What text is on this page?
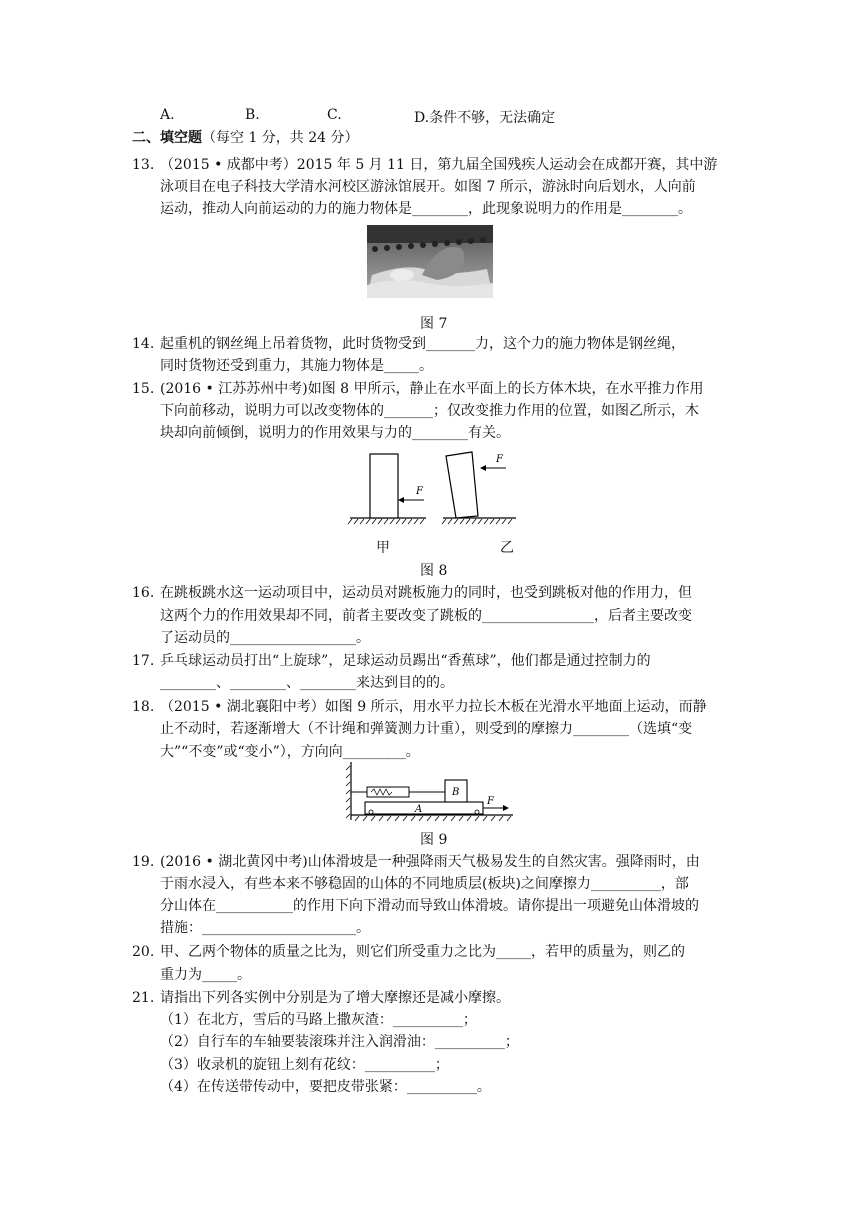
A.	B.	C.	D.条件不够，无法确定
二、填空题（每空 1 分，共 24 分）
13. （2015 • 成都中考）2015 年 5 月 11 日，第九届全国残疾人运动会在成都开赛，其中游
泳项目在电子科技大学清水河校区游泳馆展开。如图 7 所示，游泳时向后划水，人向前
运动，推动人向前运动的力的施力物体是________，此现象说明力的作用是________。
图 7
14. 起重机的钢丝绳上吊着货物，此时货物受到_______力，这个力的施力物体是钢丝绳，
同时货物还受到重力，其施力物体是_____。
15. (2016 • 江苏苏州中考)如图 8 甲所示，静止在水平面上的长方体木块，在水平推力作用
下向前移动，说明力可以改变物体的_______；仅改变推力作用的位置，如图乙所示，木
块却向前倾倒，说明力的作用效果与力的________有关。
F
F
甲	乙
图 8
16. 在跳板跳水这一运动项目中，运动员对跳板施力的同时，也受到跳板对他的作用力，但
这两个力的作用效果却不同，前者主要改变了跳板的________________，后者主要改变
了运动员的__________________。
17. 乒乓球运动员打出“上旋球”，足球运动员踢出“香蕉球”，他们都是通过控制力的
________、________、________来达到目的的。
18. （2015 • 湖北襄阳中考）如图 9 所示，用水平力拉长木板在光滑水平地面上运动，而静
止不动时，若逐渐增大（不计绳和弹簧测力计重），则受到的摩擦力________（选填“变
大”“不变”或“变小”），方向向_________。
A
B
F
图 9
19. (2016 • 湖北黄冈中考)山体滑坡是一种强降雨天气极易发生的自然灾害。强降雨时，由
于雨水浸入，有些本来不够稳固的山体的不同地质层(板块)之间摩擦力__________，部
分山体在___________的作用下向下滑动而导致山体滑坡。请你提出一项避免山体滑坡的
措施：______________________。
20. 甲、乙两个物体的质量之比为，则它们所受重力之比为_____，若甲的质量为，则乙的
重力为_____。
21. 请指出下列各实例中分别是为了增大摩擦还是减小摩擦。
（1）在北方，雪后的马路上撒灰渣：__________；
（2）自行车的车轴要装滚珠并注入润滑油：__________；
（3）收录机的旋钮上刻有花纹：__________；
（4）在传送带传动中，要把皮带张紧：__________。
